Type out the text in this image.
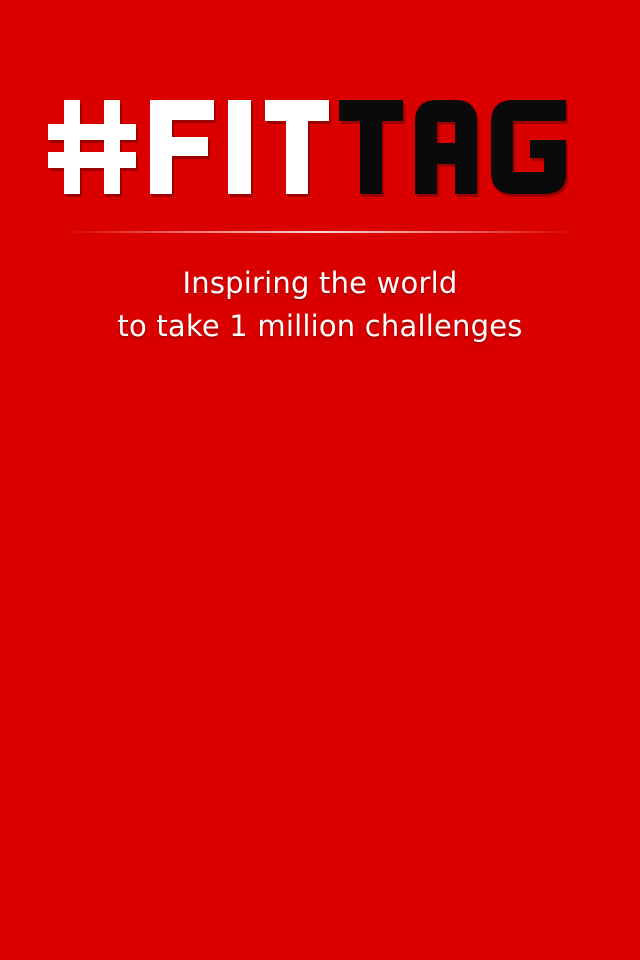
Inspiring the world
to take 1 million challenges
